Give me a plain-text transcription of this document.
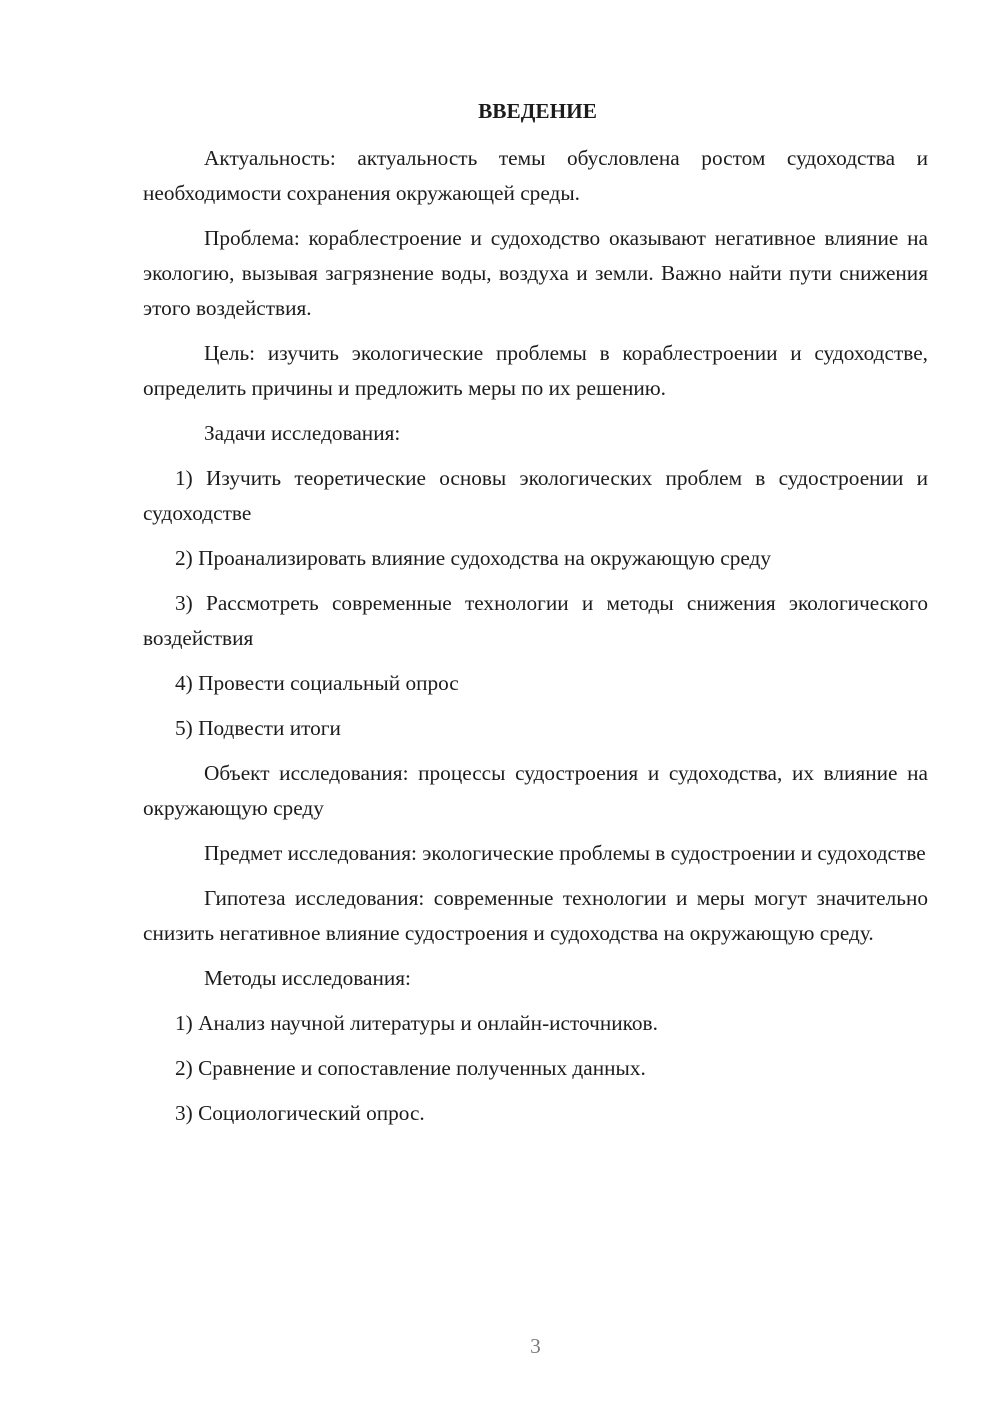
ВВЕДЕНИЕ

Актуальность: актуальность темы обусловлена ростом судоходства и необходимости сохранения окружающей среды.

Проблема: кораблестроение и судоходство оказывают негативное влияние на экологию, вызывая загрязнение воды, воздуха и земли. Важно найти пути снижения этого воздействия.

Цель: изучить экологические проблемы в кораблестроении и судоходстве, определить причины и предложить меры по их решению.

Задачи исследования:

1) Изучить теоретические основы экологических проблем в судостроении и судоходстве

2) Проанализировать влияние судоходства на окружающую среду

3) Рассмотреть современные технологии и методы снижения экологического воздействия

4) Провести социальный опрос

5) Подвести итоги

Объект исследования: процессы судостроения и судоходства, их влияние на окружающую среду

Предмет исследования: экологические проблемы в судостроении и судоходстве

Гипотеза исследования: современные технологии и меры могут значительно снизить негативное влияние судостроения и судоходства на окружающую среду.

Методы исследования:

1) Анализ научной литературы и онлайн-источников.

2) Сравнение и сопоставление полученных данных.

3) Социологический опрос.

3
